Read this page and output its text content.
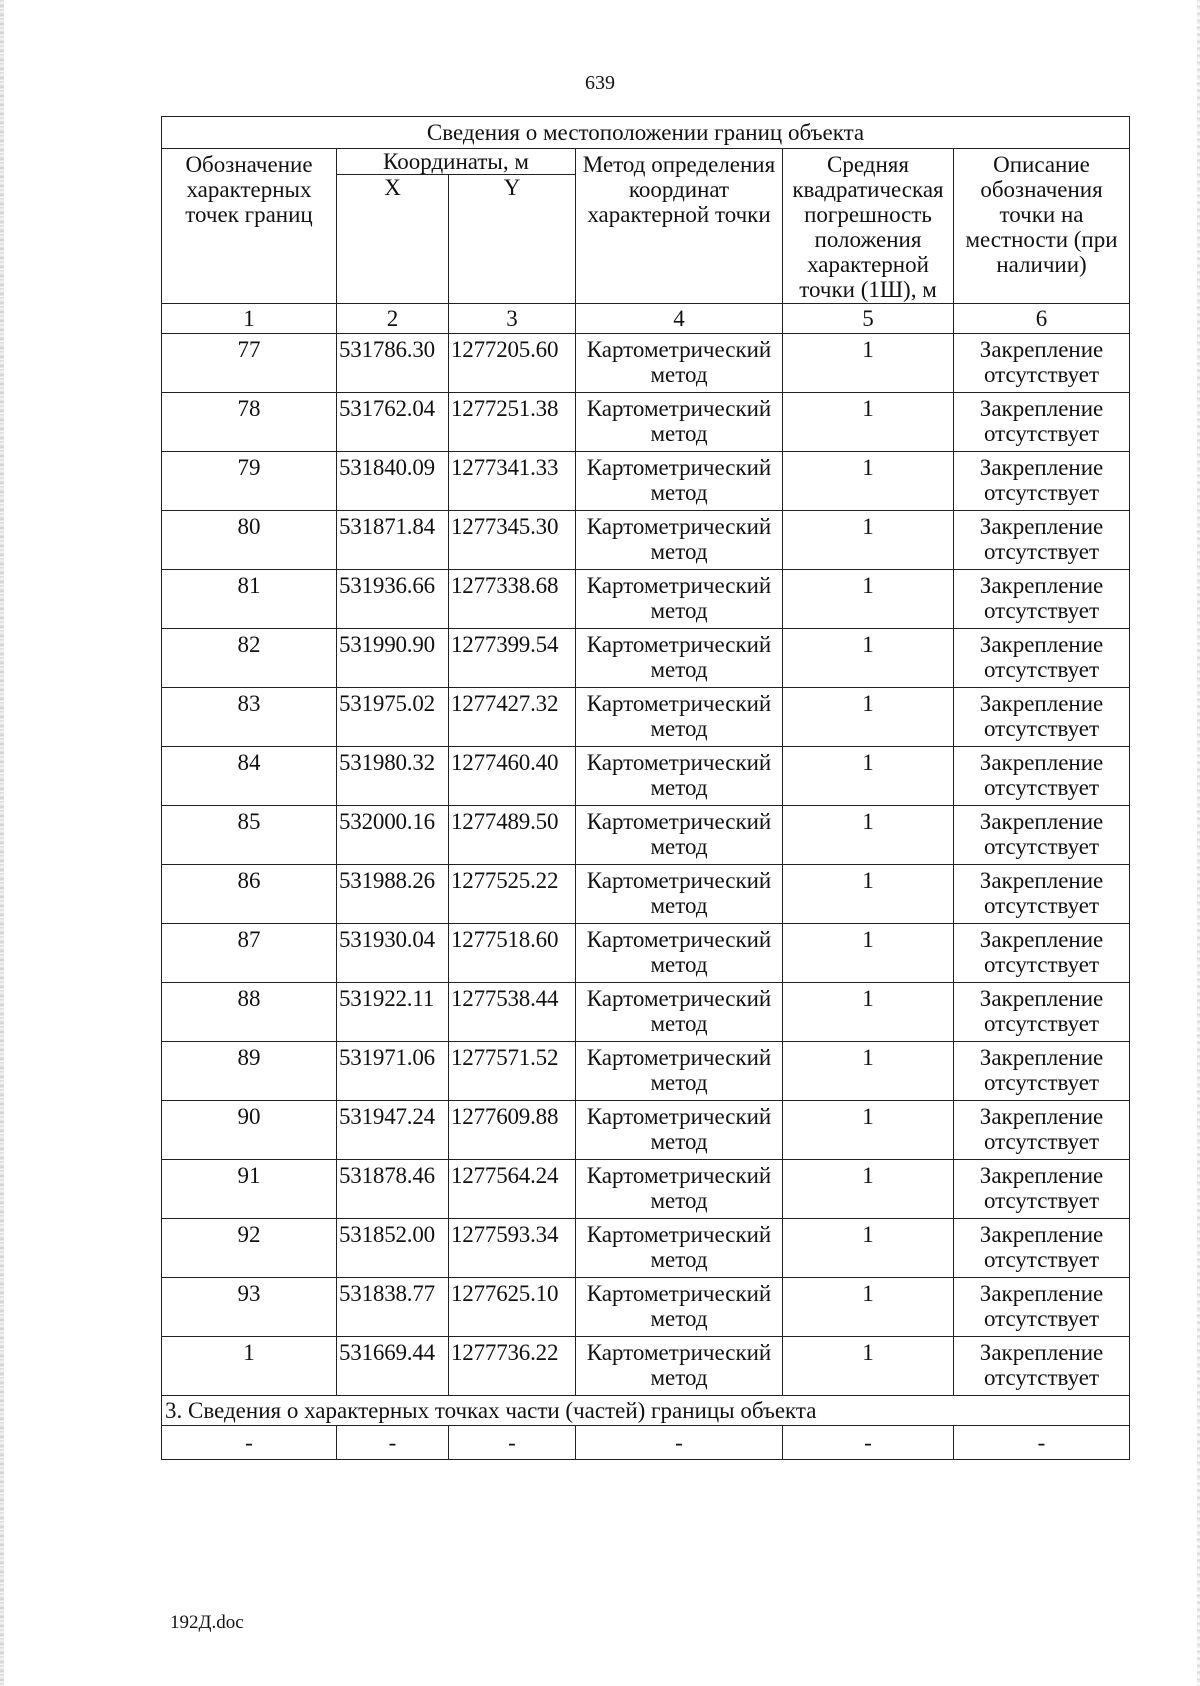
639
Сведения о местоположении границ объекта					
Обозначение характерных точек границ	Координаты, м		Метод определения координат характерной точки	Средняя квадратическая погрешность положения характерной точки (1Ш), м	Описание обозначения точки на местности (при наличии)
	X	Y			
1	2	3	4	5	6
77	531786.30	1277205.60	Картометрический метод	1	Закрепление отсутствует
78	531762.04	1277251.38	Картометрический метод	1	Закрепление отсутствует
79	531840.09	1277341.33	Картометрический метод	1	Закрепление отсутствует
80	531871.84	1277345.30	Картометрический метод	1	Закрепление отсутствует
81	531936.66	1277338.68	Картометрический метод	1	Закрепление отсутствует
82	531990.90	1277399.54	Картометрический метод	1	Закрепление отсутствует
83	531975.02	1277427.32	Картометрический метод	1	Закрепление отсутствует
84	531980.32	1277460.40	Картометрический метод	1	Закрепление отсутствует
85	532000.16	1277489.50	Картометрический метод	1	Закрепление отсутствует
86	531988.26	1277525.22	Картометрический метод	1	Закрепление отсутствует
87	531930.04	1277518.60	Картометрический метод	1	Закрепление отсутствует
88	531922.11	1277538.44	Картометрический метод	1	Закрепление отсутствует
89	531971.06	1277571.52	Картометрический метод	1	Закрепление отсутствует
90	531947.24	1277609.88	Картометрический метод	1	Закрепление отсутствует
91	531878.46	1277564.24	Картометрический метод	1	Закрепление отсутствует
92	531852.00	1277593.34	Картометрический метод	1	Закрепление отсутствует
93	531838.77	1277625.10	Картометрический метод	1	Закрепление отсутствует
1	531669.44	1277736.22	Картометрический метод	1	Закрепление отсутствует
3. Сведения о характерных точках части (частей) границы объекта					
-	-	-	-	-	-
192Д.doc
